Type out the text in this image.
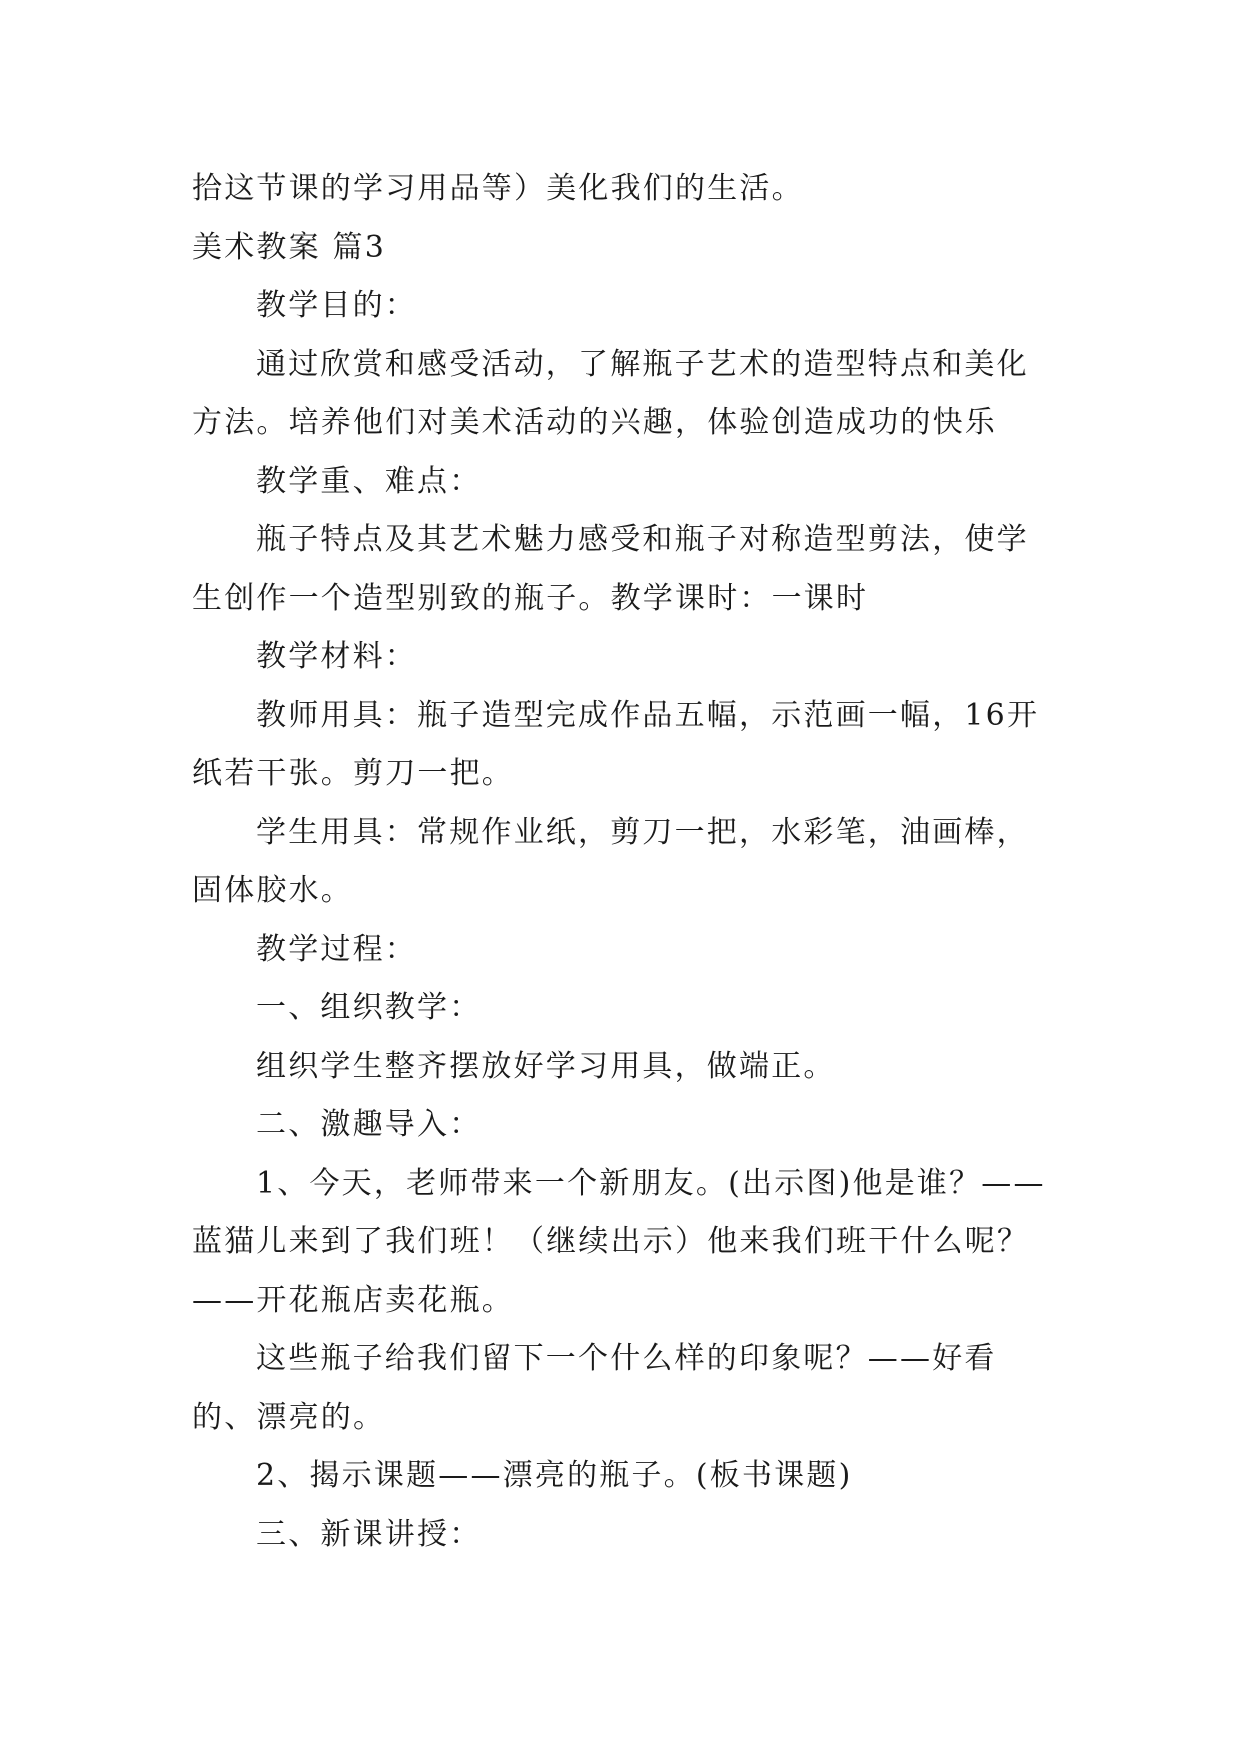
拾这节课的学习用品等）美化我们的生活。
美术教案 篇3
教学目的：
通过欣赏和感受活动，了解瓶子艺术的造型特点和美化
方法。培养他们对美术活动的兴趣，体验创造成功的快乐
教学重、难点：
瓶子特点及其艺术魅力感受和瓶子对称造型剪法，使学
生创作一个造型别致的瓶子。教学课时：一课时
教学材料：
教师用具：瓶子造型完成作品五幅，示范画一幅，16开
纸若干张。剪刀一把。
学生用具：常规作业纸，剪刀一把，水彩笔，油画棒，
固体胶水。
教学过程：
一、组织教学：
组织学生整齐摆放好学习用具，做端正。
二、激趣导入：
1、今天，老师带来一个新朋友。(出示图)他是谁？——
蓝猫儿来到了我们班！（继续出示）他来我们班干什么呢？
——开花瓶店卖花瓶。
这些瓶子给我们留下一个什么样的印象呢？——好看
的、漂亮的。
2、揭示课题——漂亮的瓶子。(板书课题)
三、新课讲授：
